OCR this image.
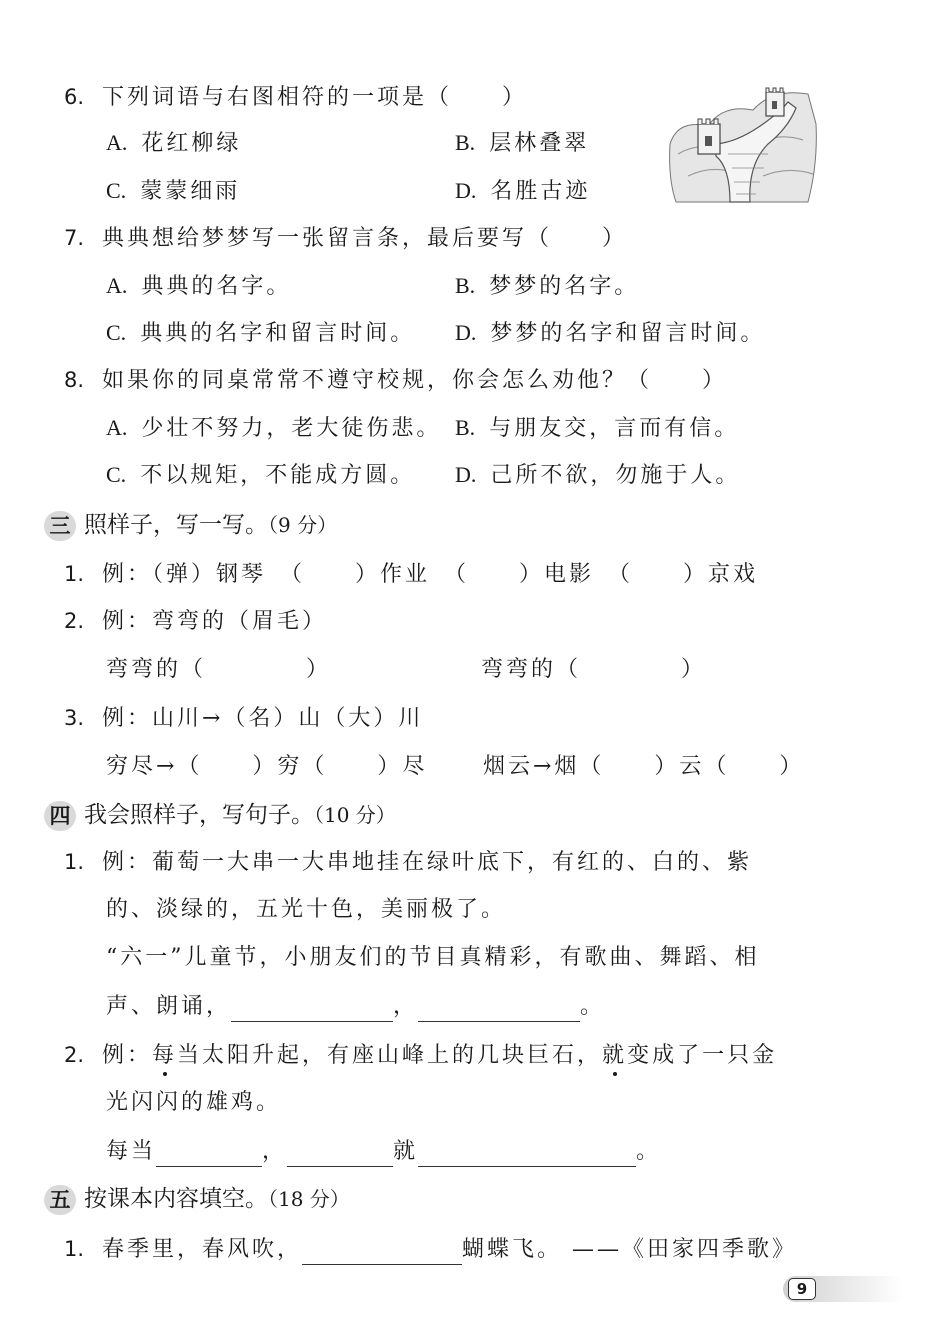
6. 下列词语与右图相符的一项是（　　）
A. 花红柳绿	B. 层林叠翠
C. 蒙蒙细雨	D. 名胜古迹
7. 典典想给梦梦写一张留言条，最后要写（　　）
A. 典典的名字。	B. 梦梦的名字。
C. 典典的名字和留言时间。 D. 梦梦的名字和留言时间。
8. 如果你的同桌常常不遵守校规，你会怎么劝他？（　　）
A. 少壮不努力，老大徒伤悲。 B. 与朋友交，言而有信。
C. 不以规矩，不能成方圆。 D. 己所不欲，勿施于人。
三 照样子，写一写。（9 分）
1. 例：（弹）钢琴　（　　）作业　（　　）电影　（　　）京戏
2. 例：弯弯的（眉毛）
弯弯的（　　　　）	弯弯的（　　　　）
3. 例：山川→（名）山（大）川
穷尽→（　　）穷（　　）尽	烟云→烟（　　）云（　　）
四 我会照样子，写句子。（10 分）
1. 例：葡萄一大串一大串地挂在绿叶底下，有红的、白的、紫
的、淡绿的，五光十色，美丽极了。
“六一”儿童节，小朋友们的节目真精彩，有歌曲、舞蹈、相
声、朗诵，	，	。
2. 例：每当太阳升起，有座山峰上的几块巨石，就变成了一只金
光闪闪的雄鸡。
每当	，	就	。
五 按课本内容填空。（18 分）
1. 春季里，春风吹，	蝴蝶飞。 ——《田家四季歌》
9
